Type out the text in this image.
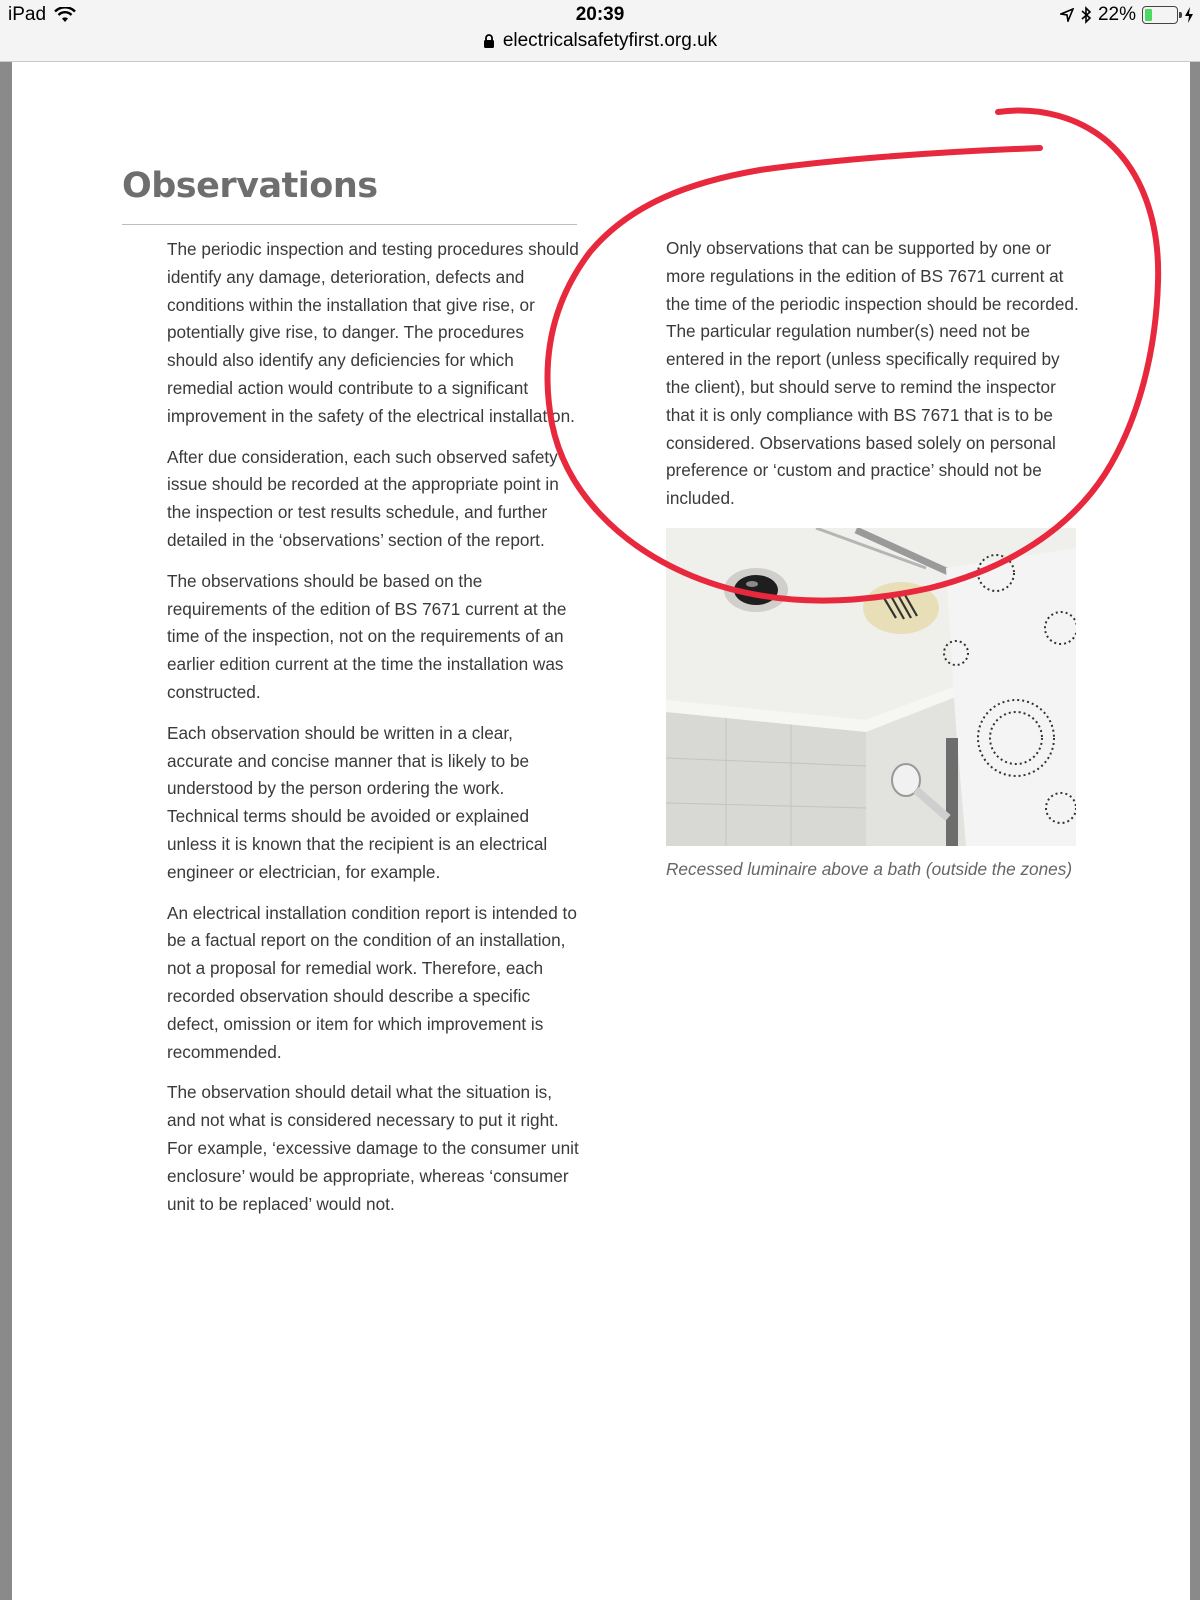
iPad	20:39	22%
electricalsafetyfirst.org.uk
Observations

The periodic inspection and testing procedures should identify any damage, deterioration, defects and conditions within the installation that give rise, or potentially give rise, to danger. The procedures should also identify any deficiencies for which remedial action would contribute to a significant improvement in the safety of the electrical installation.

After due consideration, each such observed safety issue should be recorded at the appropriate point in the inspection or test results schedule, and further detailed in the ‘observations’ section of the report.

The observations should be based on the requirements of the edition of BS 7671 current at the time of the inspection, not on the requirements of an earlier edition current at the time the installation was constructed.

Each observation should be written in a clear, accurate and concise manner that is likely to be understood by the person ordering the work. Technical terms should be avoided or explained unless it is known that the recipient is an electrical engineer or electrician, for example.

An electrical installation condition report is intended to be a factual report on the condition of an installation, not a proposal for remedial work. Therefore, each recorded observation should describe a specific defect, omission or item for which improvement is recommended.

The observation should detail what the situation is, and not what is considered necessary to put it right. For example, ‘excessive damage to the consumer unit enclosure’ would be appropriate, whereas ‘consumer unit to be replaced’ would not.

Only observations that can be supported by one or more regulations in the edition of BS 7671 current at the time of the periodic inspection should be recorded. The particular regulation number(s) need not be entered in the report (unless specifically required by the client), but should serve to remind the inspector that it is only compliance with BS 7671 that is to be considered. Observations based solely on personal preference or ‘custom and practice’ should not be included.

Recessed luminaire above a bath (outside the zones)
